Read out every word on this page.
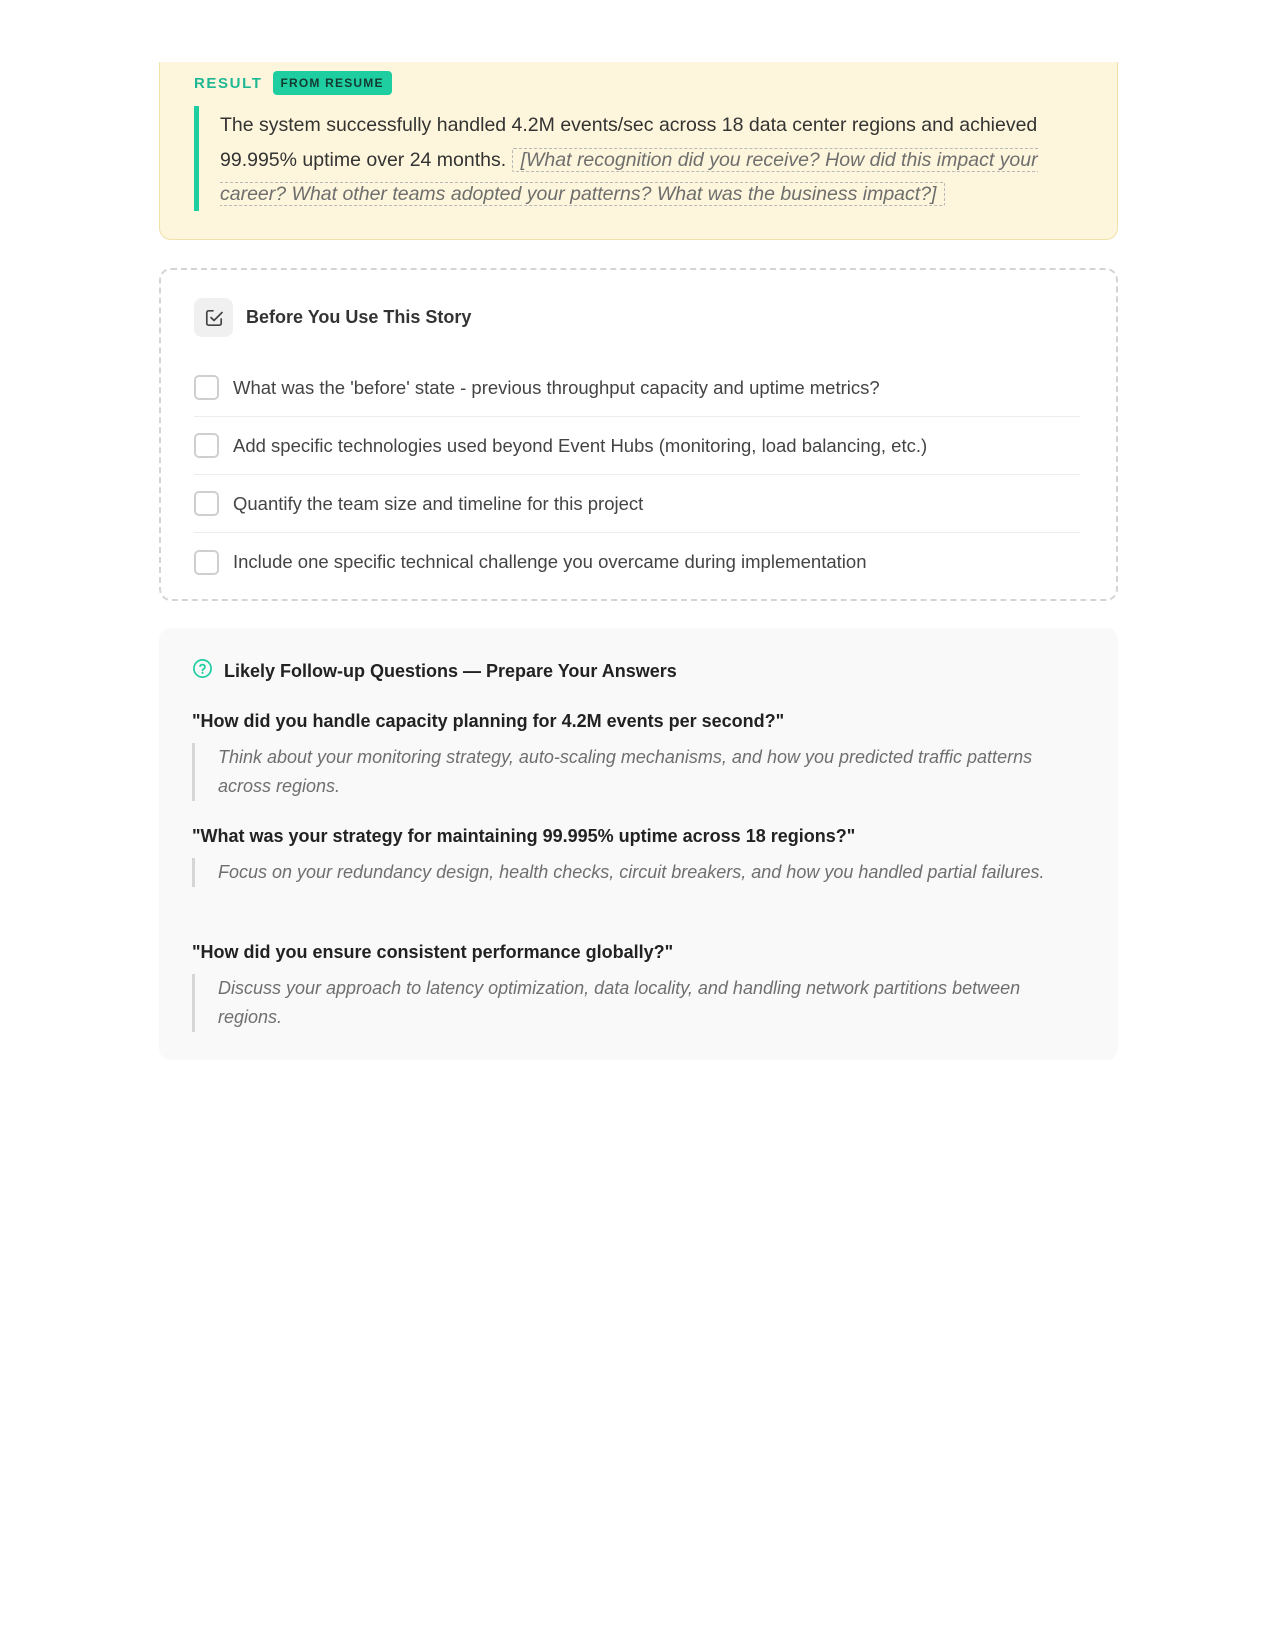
RESULT	FROM RESUME
The system successfully handled 4.2M events/sec across 18 data center regions and achieved 99.995% uptime over 24 months. [What recognition did you receive? How did this impact your career? What other teams adopted your patterns? What was the business impact?]
Before You Use This Story
What was the 'before' state - previous throughput capacity and uptime metrics?
Add specific technologies used beyond Event Hubs (monitoring, load balancing, etc.)
Quantify the team size and timeline for this project
Include one specific technical challenge you overcame during implementation
Likely Follow-up Questions — Prepare Your Answers
"How did you handle capacity planning for 4.2M events per second?"
Think about your monitoring strategy, auto-scaling mechanisms, and how you predicted traffic patterns across regions.
"What was your strategy for maintaining 99.995% uptime across 18 regions?"
Focus on your redundancy design, health checks, circuit breakers, and how you handled partial failures.
"How did you ensure consistent performance globally?"
Discuss your approach to latency optimization, data locality, and handling network partitions between regions.
